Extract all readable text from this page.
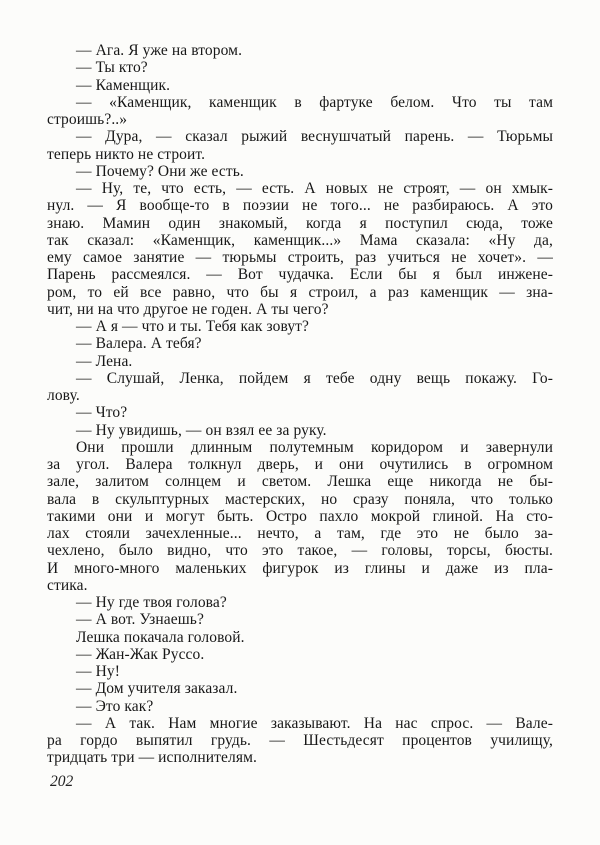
— Ага. Я уже на втором.
— Ты кто?
— Каменщик.
— «Каменщик, каменщик в фартуке белом. Что ты там
строишь?..»
— Дура, — сказал рыжий веснушчатый парень. — Тюрьмы
теперь никто не строит.
— Почему? Они же есть.
— Ну, те, что есть, — есть. А новых не строят, — он хмык-
нул. — Я вообще-то в поэзии не того... не разбираюсь. А это
знаю. Мамин один знакомый, когда я поступил сюда, тоже
так сказал: «Каменщик, каменщик...» Мама сказала: «Ну да,
ему самое занятие — тюрьмы строить, раз учиться не хочет». —
Парень рассмеялся. — Вот чудачка. Если бы я был инжене-
ром, то ей все равно, что бы я строил, а раз каменщик — зна-
чит, ни на что другое не годен. А ты чего?
— А я — что и ты. Тебя как зовут?
— Валера. А тебя?
— Лена.
— Слушай, Ленка, пойдем я тебе одну вещь покажу. Го-
лову.
— Что?
— Ну увидишь, — он взял ее за руку.
Они прошли длинным полутемным коридором и завернули
за угол. Валера толкнул дверь, и они очутились в огромном
зале, залитом солнцем и светом. Лешка еще никогда не бы-
вала в скульптурных мастерских, но сразу поняла, что только
такими они и могут быть. Остро пахло мокрой глиной. На сто-
лах стояли зачехленные... нечто, а там, где это не было за-
чехлено, было видно, что это такое, — головы, торсы, бюсты.
И много-много маленьких фигурок из глины и даже из пла-
стика.
— Ну где твоя голова?
— А вот. Узнаешь?
Лешка покачала головой.
— Жан-Жак Руссо.
— Ну!
— Дом учителя заказал.
— Это как?
— А так. Нам многие заказывают. На нас спрос. — Вале-
ра гордо выпятил грудь. — Шестьдесят процентов училищу,
тридцать три — исполнителям.
202
